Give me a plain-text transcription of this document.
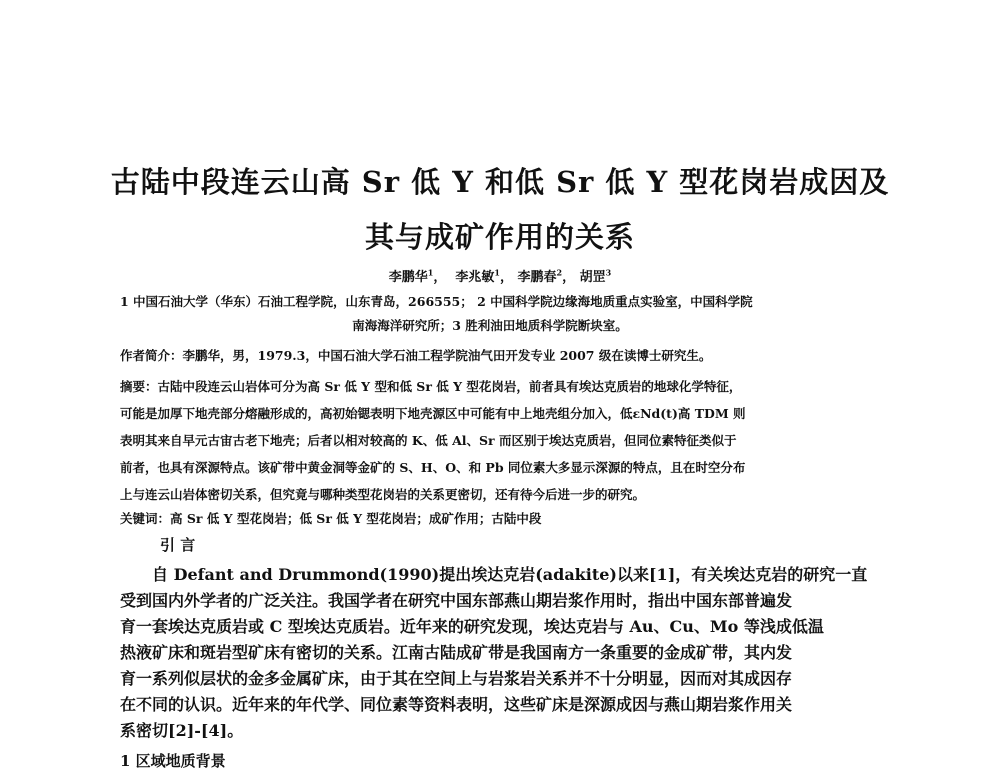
古陆中段连云山高 Sr 低 Y 和低 Sr 低 Y 型花岗岩成因及
其与成矿作用的关系
李鹏华$^1$，  李兆敏$^1$， 李鹏春$^2$， 胡罡$^3$
1 中国石油大学（华东）石油工程学院，山东青岛，266555； 2 中国科学院边缘海地质重点实验室，中国科学院
南海海洋研究所；3 胜利油田地质科学院断块室。
作者简介：李鹏华，男，1979.3，中国石油大学石油工程学院油气田开发专业 2007 级在读博士研究生。
摘要：古陆中段连云山岩体可分为高 Sr 低 Y 型和低 Sr 低 Y 型花岗岩，前者具有埃达克质岩的地球化学特征，
可能是加厚下地壳部分熔融形成的，高初始锶表明下地壳源区中可能有中上地壳组分加入，低εNd(t)高 TDM 则
表明其来自早元古宙古老下地壳；后者以相对较高的 K、低 Al、Sr 而区别于埃达克质岩，但同位素特征类似于
前者，也具有深源特点。该矿带中黄金洞等金矿的 S、H、O、和 Pb 同位素大多显示深源的特点，且在时空分布
上与连云山岩体密切关系，但究竟与哪种类型花岗岩的关系更密切，还有待今后进一步的研究。
关键词：高 Sr 低 Y 型花岗岩；低 Sr 低 Y 型花岗岩；成矿作用；古陆中段
引 言
自 Defant and Drummond(1990)提出埃达克岩(adakite)以来[1]，有关埃达克岩的研究一直
受到国内外学者的广泛关注。我国学者在研究中国东部燕山期岩浆作用时，指出中国东部普遍发
育一套埃达克质岩或 C 型埃达克质岩。近年来的研究发现，埃达克岩与 Au、Cu、Mo 等浅成低温
热液矿床和斑岩型矿床有密切的关系。江南古陆成矿带是我国南方一条重要的金成矿带，其内发
育一系列似层状的金多金属矿床，由于其在空间上与岩浆岩关系并不十分明显，因而对其成因存
在不同的认识。近年来的年代学、同位素等资料表明，这些矿床是深源成因与燕山期岩浆作用关
系密切[2]-[4]。
1 区域地质背景
